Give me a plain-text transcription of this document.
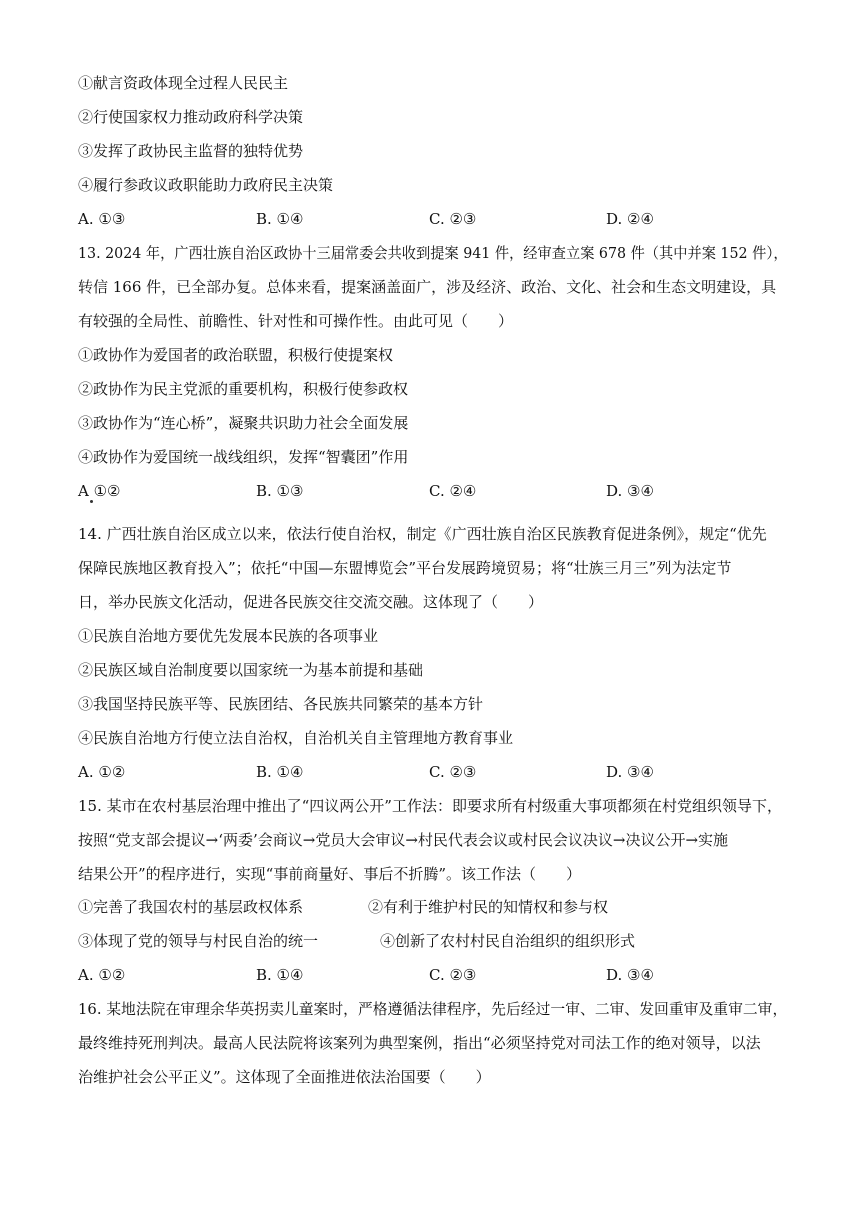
①献言资政体现全过程人民民主
②行使国家权力推动政府科学决策
③发挥了政协民主监督的独特优势
④履行参政议政职能助力政府民主决策
A. ①③	B. ①④	C. ②③	D. ②④
13. 2024 年，广西壮族自治区政协十三届常委会共收到提案 941 件，经审查立案 678 件（其中并案 152 件），
转信 166 件，已全部办复。总体来看，提案涵盖面广，涉及经济、政治、文化、社会和生态文明建设，具
有较强的全局性、前瞻性、针对性和可操作性。由此可见（　　）
①政协作为爱国者的政治联盟，积极行使提案权
②政协作为民主党派的重要机构，积极行使参政权
③政协作为“连心桥”，凝聚共识助力社会全面发展
④政协作为爱国统一战线组织，发挥“智囊团”作用
A ①②	B. ①③	C. ②④	D. ③④
14. 广西壮族自治区成立以来，依法行使自治权，制定《广西壮族自治区民族教育促进条例》，规定“优先
保障民族地区教育投入”；依托“中国—东盟博览会”平台发展跨境贸易；将“壮族三月三”列为法定节
日，举办民族文化活动，促进各民族交往交流交融。这体现了（　　）
①民族自治地方要优先发展本民族的各项事业
②民族区域自治制度要以国家统一为基本前提和基础
③我国坚持民族平等、民族团结、各民族共同繁荣的基本方针
④民族自治地方行使立法自治权，自治机关自主管理地方教育事业
A. ①②	B. ①④	C. ②③	D. ③④
15. 某市在农村基层治理中推出了“四议两公开”工作法：即要求所有村级重大事项都须在村党组织领导下，
按照“党支部会提议→‘两委’会商议→党员大会审议→村民代表会议或村民会议决议→决议公开→实施
结果公开”的程序进行，实现“事前商量好、事后不折腾”。该工作法（　　）
①完善了我国农村的基层政权体系	②有利于维护村民的知情权和参与权
③体现了党的领导与村民自治的统一	④创新了农村村民自治组织的组织形式
A. ①②	B. ①④	C. ②③	D. ③④
16. 某地法院在审理余华英拐卖儿童案时，严格遵循法律程序，先后经过一审、二审、发回重审及重审二审，
最终维持死刑判决。最高人民法院将该案列为典型案例，指出“必须坚持党对司法工作的绝对领导，以法
治维护社会公平正义”。这体现了全面推进依法治国要（　　）
